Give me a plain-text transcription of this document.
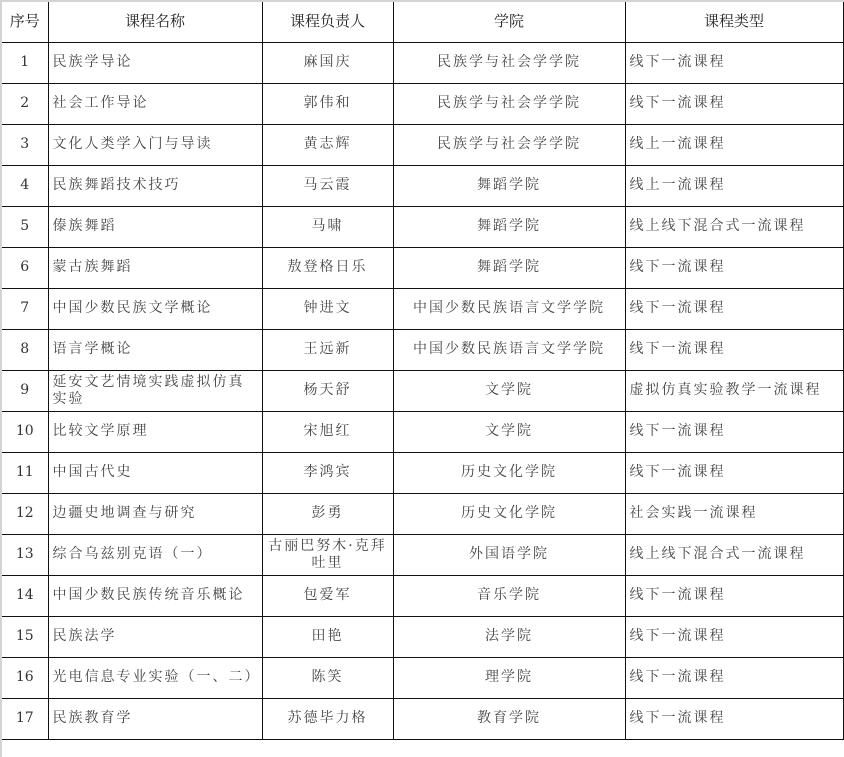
序号	课程名称	课程负责人	学院	课程类型
1	民族学导论	麻国庆	民族学与社会学学院	线下一流课程
2	社会工作导论	郭伟和	民族学与社会学学院	线下一流课程
3	文化人类学入门与导读	黄志辉	民族学与社会学学院	线上一流课程
4	民族舞蹈技术技巧	马云霞	舞蹈学院	线上一流课程
5	傣族舞蹈	马啸	舞蹈学院	线上线下混合式一流课程
6	蒙古族舞蹈	敖登格日乐	舞蹈学院	线下一流课程
7	中国少数民族文学概论	钟进文	中国少数民族语言文学学院	线下一流课程
8	语言学概论	王远新	中国少数民族语言文学学院	线下一流课程
9	延安文艺情境实践虚拟仿真实验	杨天舒	文学院	虚拟仿真实验教学一流课程
10	比较文学原理	宋旭红	文学院	线下一流课程
11	中国古代史	李鸿宾	历史文化学院	线下一流课程
12	边疆史地调查与研究	彭勇	历史文化学院	社会实践一流课程
13	综合乌兹别克语（一）	古丽巴努木·克拜吐里	外国语学院	线上线下混合式一流课程
14	中国少数民族传统音乐概论	包爱军	音乐学院	线下一流课程
15	民族法学	田艳	法学院	线下一流课程
16	光电信息专业实验（一、二）	陈笑	理学院	线下一流课程
17	民族教育学	苏德毕力格	教育学院	线下一流课程
